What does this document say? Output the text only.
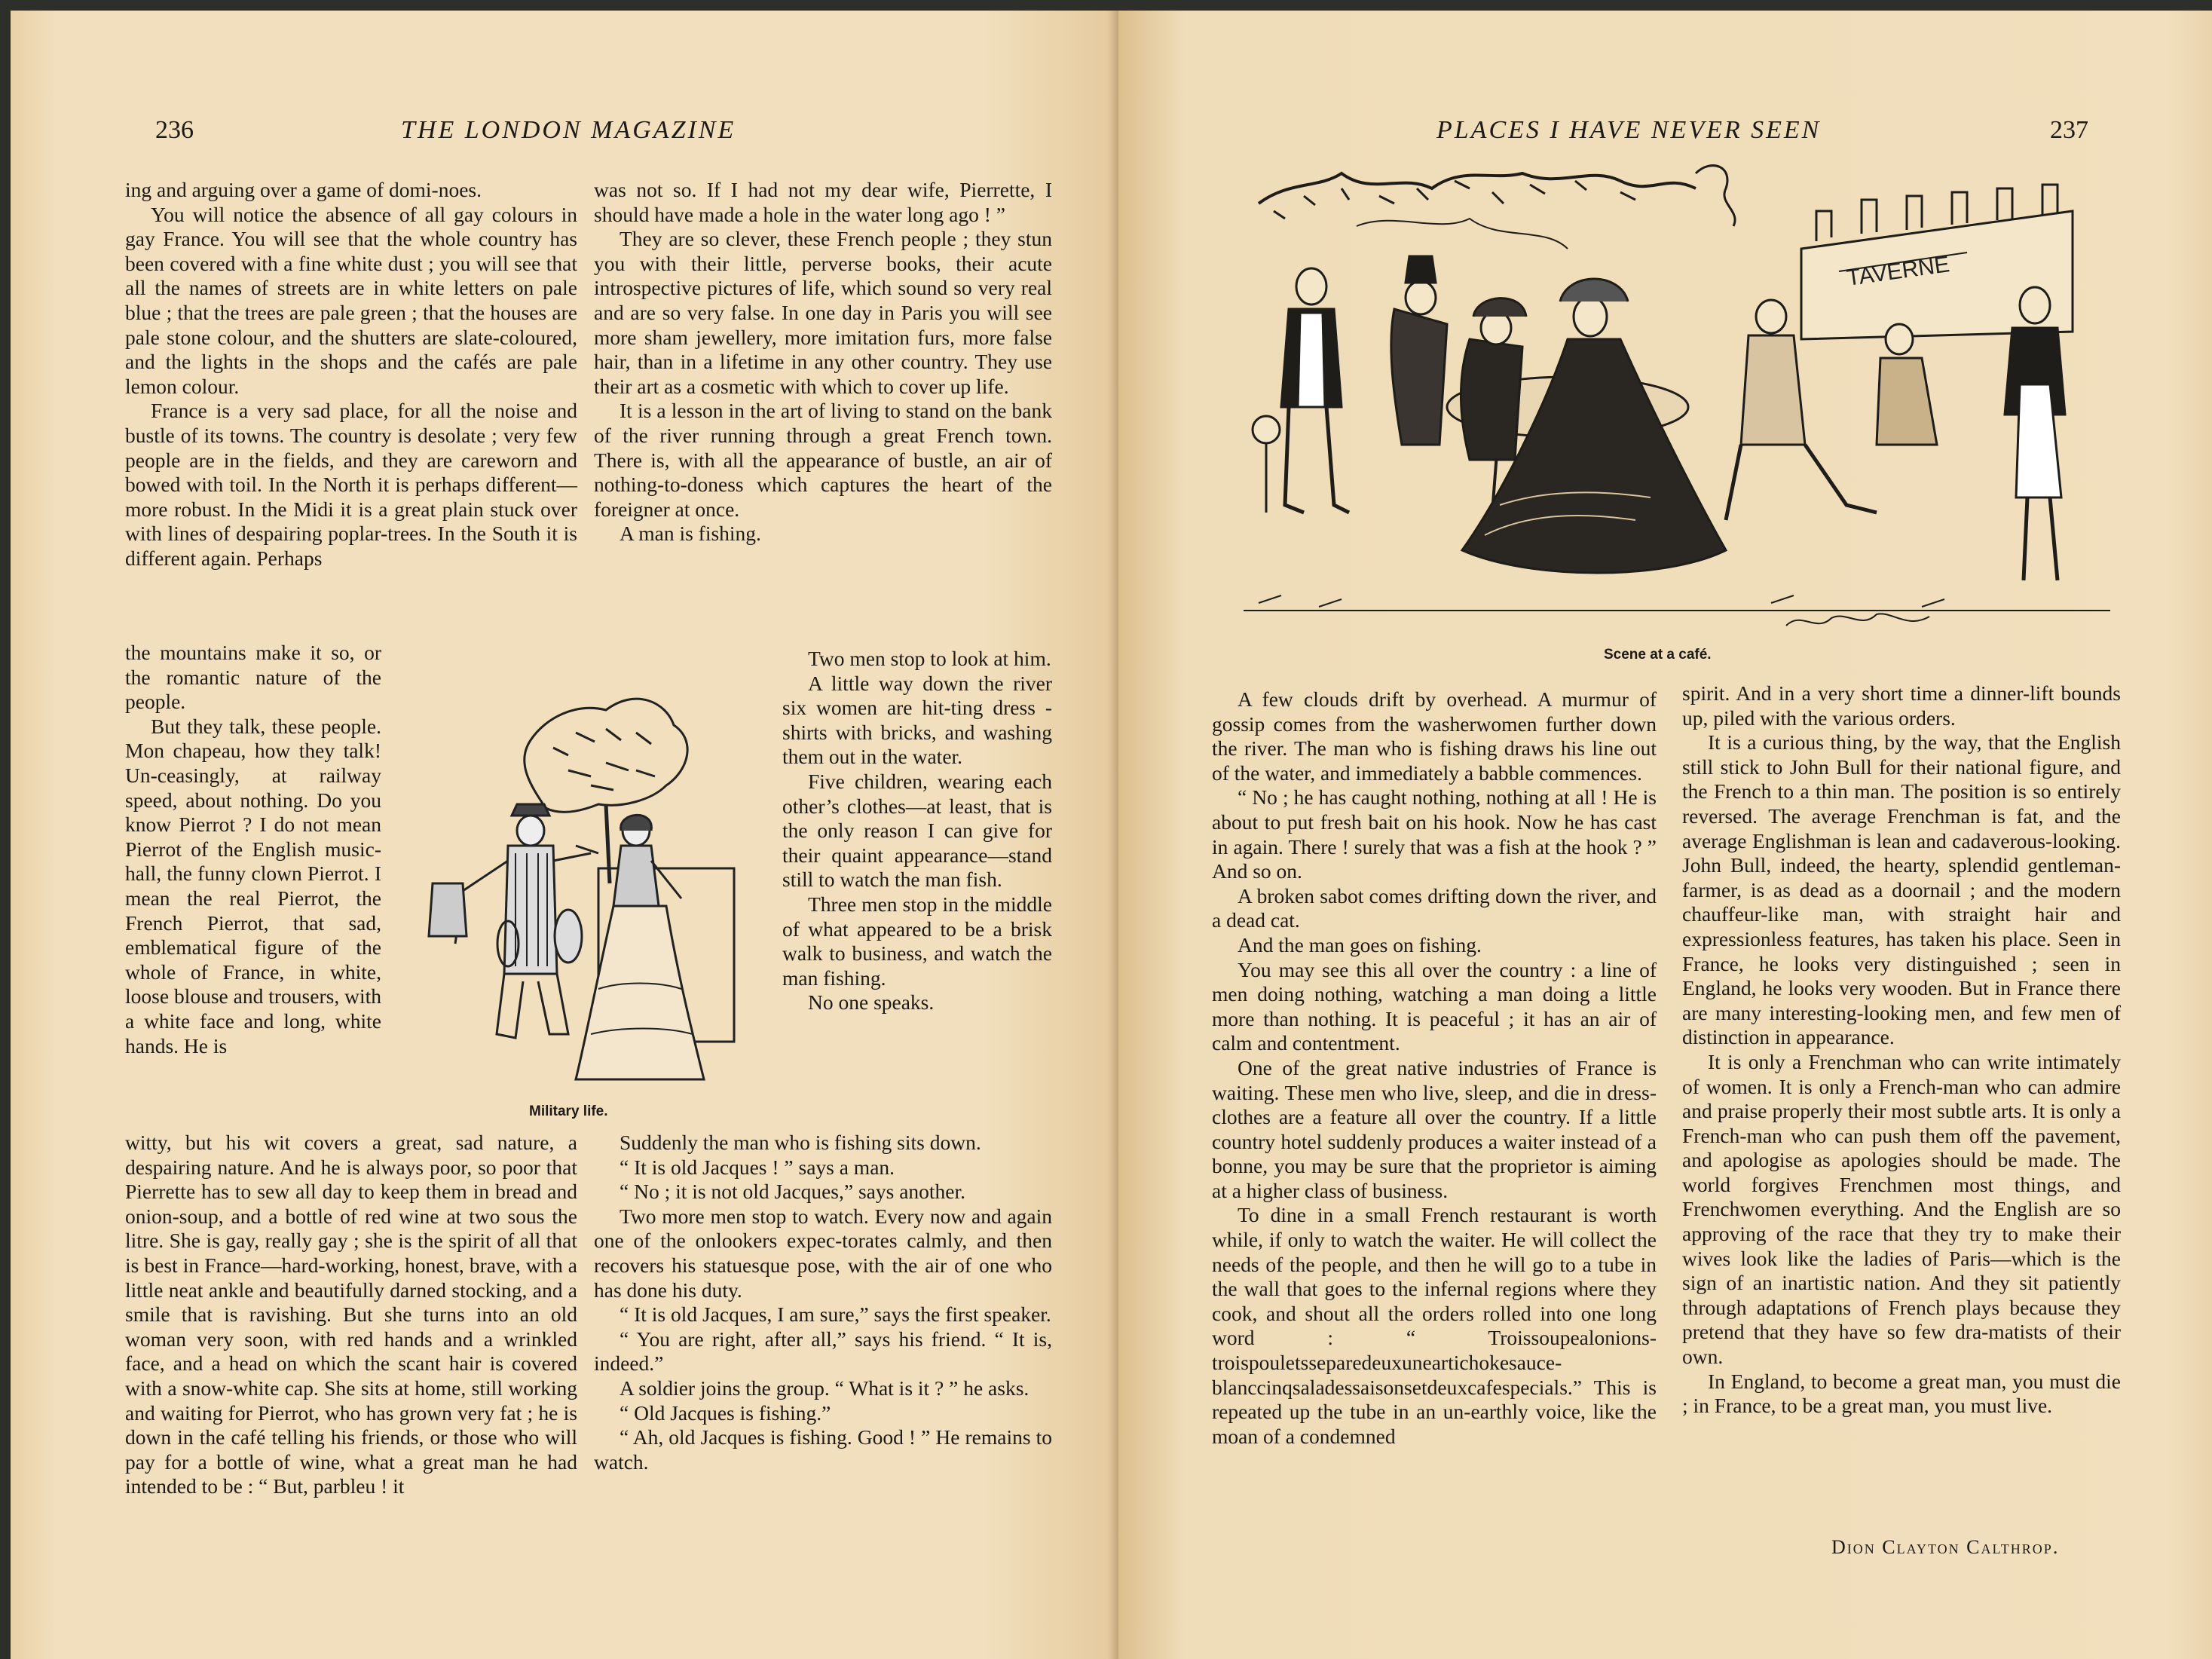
236	THE LONDON MAGAZINE

ing and arguing over a game of domi-noes.

You will notice the absence of all gay colours in gay France. You will see that the whole country has been covered with a fine white dust ; you will see that all the names of streets are in white letters on pale blue ; that the trees are pale green ; that the houses are pale stone colour, and the shutters are slate-coloured, and the lights in the shops and the cafés are pale lemon colour.

France is a very sad place, for all the noise and bustle of its towns. The country is desolate ; very few people are in the fields, and they are careworn and bowed with toil. In the North it is perhaps different—more robust. In the Midi it is a great plain stuck over with lines of despairing poplar-trees. In the South it is different again. Perhaps

the mountains make it so, or the romantic nature of the people.

But they talk, these people. Mon chapeau, how they talk! Un-ceasingly, at railway speed, about nothing. Do you know Pierrot ? I do not mean Pierrot of the English music-hall, the funny clown Pierrot. I mean the real Pierrot, the French Pierrot, that sad, emblematical figure of the whole of France, in white, loose blouse and trousers, with a white face and long, white hands. He is

witty, but his wit covers a great, sad nature, a despairing nature. And he is always poor, so poor that Pierrette has to sew all day to keep them in bread and onion-soup, and a bottle of red wine at two sous the litre. She is gay, really gay ; she is the spirit of all that is best in France—hard-working, honest, brave, with a little neat ankle and beautifully darned stocking, and a smile that is ravishing. But she turns into an old woman very soon, with red hands and a wrinkled face, and a head on which the scant hair is covered with a snow-white cap. She sits at home, still working and waiting for Pierrot, who has grown very fat ; he is down in the café telling his friends, or those who will pay for a bottle of wine, what a great man he had intended to be : “ But, parbleu ! it

was not so. If I had not my dear wife, Pierrette, I should have made a hole in the water long ago ! ”

They are so clever, these French people ; they stun you with their little, perverse books, their acute introspective pictures of life, which sound so very real and are so very false. In one day in Paris you will see more sham jewellery, more imitation furs, more false hair, than in a lifetime in any other country. They use their art as a cosmetic with which to cover up life.

It is a lesson in the art of living to stand on the bank of the river running through a great French town. There is, with all the appearance of bustle, an air of nothing-to-doness which captures the heart of the foreigner at once.

A man is fishing.

Two men stop to look at him.

A little way down the river six women are hit-ting dress - shirts with bricks, and washing them out in the water.

Five children, wearing each other’s clothes—at least, that is the only reason I can give for their quaint appearance—stand still to watch the man fish.

Three men stop in the middle of what appeared to be a brisk walk to business, and watch the man fishing.

No one speaks.

Suddenly the man who is fishing sits down.

“ It is old Jacques ! ” says a man.

“ No ; it is not old Jacques,” says another.

Two more men stop to watch. Every now and again one of the onlookers expec-torates calmly, and then recovers his statuesque pose, with the air of one who has done his duty.

“ It is old Jacques, I am sure,” says the first speaker.

“ You are right, after all,” says his friend. “ It is, indeed.”

A soldier joins the group. “ What is it ? ” he asks.

“ Old Jacques is fishing.”

“ Ah, old Jacques is fishing. Good ! ” He remains to watch.

Military life.
PLACES I HAVE NEVER SEEN	237
TAVERNE
Scene at a café.

A few clouds drift by overhead. A murmur of gossip comes from the washerwomen further down the river. The man who is fishing draws his line out of the water, and immediately a babble commences.

“ No ; he has caught nothing, nothing at all ! He is about to put fresh bait on his hook. Now he has cast in again. There ! surely that was a fish at the hook ? ” And so on.

A broken sabot comes drifting down the river, and a dead cat.

And the man goes on fishing.

You may see this all over the country : a line of men doing nothing, watching a man doing a little more than nothing. It is peaceful ; it has an air of calm and contentment.

One of the great native industries of France is waiting. These men who live, sleep, and die in dress-clothes are a feature all over the country. If a little country hotel suddenly produces a waiter instead of a bonne, you may be sure that the proprietor is aiming at a higher class of business.

To dine in a small French restaurant is worth while, if only to watch the waiter. He will collect the needs of the people, and then he will go to a tube in the wall that goes to the infernal regions where they cook, and shout all the orders rolled into one long word : “ Troissoupealonions-troispouletsseparedeuxuneartichokesauce-blanccinqsaladessaisonsetdeuxcafespecials.” This is repeated up the tube in an un-earthly voice, like the moan of a condemned

spirit. And in a very short time a dinner-lift bounds up, piled with the various orders.

It is a curious thing, by the way, that the English still stick to John Bull for their national figure, and the French to a thin man. The position is so entirely reversed. The average Frenchman is fat, and the average Englishman is lean and cadaverous-looking. John Bull, indeed, the hearty, splendid gentleman-farmer, is as dead as a doornail ; and the modern chauffeur-like man, with straight hair and expressionless features, has taken his place. Seen in France, he looks very distinguished ; seen in England, he looks very wooden. But in France there are many interesting-looking men, and few men of distinction in appearance.

It is only a Frenchman who can write intimately of women. It is only a French-man who can admire and praise properly their most subtle arts. It is only a French-man who can push them off the pavement, and apologise as apologies should be made. The world forgives Frenchmen most things, and Frenchwomen everything. And the English are so approving of the race that they try to make their wives look like the ladies of Paris—which is the sign of an inartistic nation. And they sit patiently through adaptations of French plays because they pretend that they have so few dra-matists of their own.

In England, to become a great man, you must die ; in France, to be a great man, you must live.

Dion Clayton Calthrop.
